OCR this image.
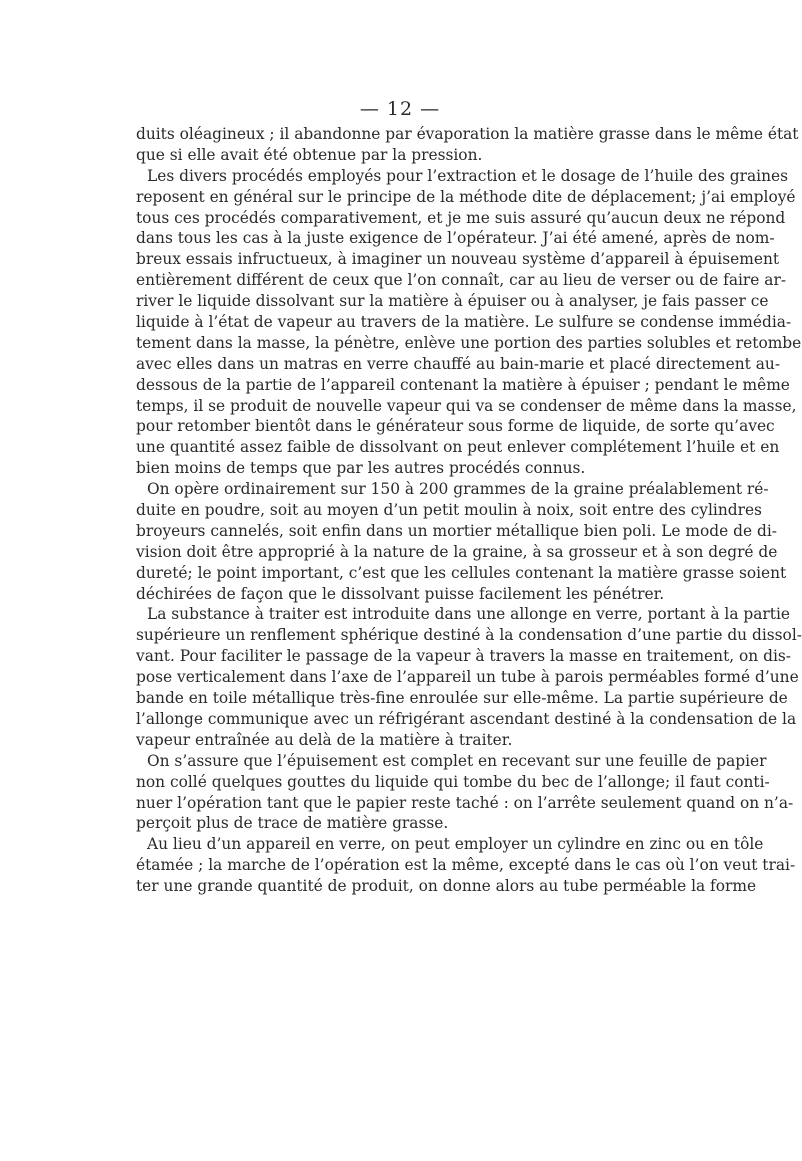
— 12 —
duits oléagineux ; il abandonne par évaporation la matière grasse dans le même état
que si elle avait été obtenue par la pression.
Les divers procédés employés pour l’extraction et le dosage de l’huile des graines
reposent en général sur le principe de la méthode dite de déplacement; j’ai employé
tous ces procédés comparativement, et je me suis assuré qu’aucun deux ne répond
dans tous les cas à la juste exigence de l’opérateur. J’ai été amené, après de nom-
breux essais infructueux, à imaginer un nouveau système d’appareil à épuisement
entièrement différent de ceux que l’on connaît, car au lieu de verser ou de faire ar-
river le liquide dissolvant sur la matière à épuiser ou à analyser, je fais passer ce
liquide à l’état de vapeur au travers de la matière. Le sulfure se condense immédia-
tement dans la masse, la pénètre, enlève une portion des parties solubles et retombe
avec elles dans un matras en verre chauffé au bain-marie et placé directement au-
dessous de la partie de l’appareil contenant la matière à épuiser ; pendant le même
temps, il se produit de nouvelle vapeur qui va se condenser de même dans la masse,
pour retomber bientôt dans le générateur sous forme de liquide, de sorte qu’avec
une quantité assez faible de dissolvant on peut enlever complétement l’huile et en
bien moins de temps que par les autres procédés connus.
On opère ordinairement sur 150 à 200 grammes de la graine préalablement ré-
duite en poudre, soit au moyen d’un petit moulin à noix, soit entre des cylindres
broyeurs cannelés, soit enfin dans un mortier métallique bien poli. Le mode de di-
vision doit être approprié à la nature de la graine, à sa grosseur et à son degré de
dureté; le point important, c’est que les cellules contenant la matière grasse soient
déchirées de façon que le dissolvant puisse facilement les pénétrer.
La substance à traiter est introduite dans une allonge en verre, portant à la partie
supérieure un renflement sphérique destiné à la condensation d’une partie du dissol-
vant. Pour faciliter le passage de la vapeur à travers la masse en traitement, on dis-
pose verticalement dans l’axe de l’appareil un tube à parois perméables formé d’une
bande en toile métallique très-fine enroulée sur elle-même. La partie supérieure de
l’allonge communique avec un réfrigérant ascendant destiné à la condensation de la
vapeur entraînée au delà de la matière à traiter.
On s’assure que l’épuisement est complet en recevant sur une feuille de papier
non collé quelques gouttes du liquide qui tombe du bec de l’allonge; il faut conti-
nuer l’opération tant que le papier reste taché : on l’arrête seulement quand on n’a-
perçoit plus de trace de matière grasse.
Au lieu d’un appareil en verre, on peut employer un cylindre en zinc ou en tôle
étamée ; la marche de l’opération est la même, excepté dans le cas où l’on veut trai-
ter une grande quantité de produit, on donne alors au tube perméable la forme
